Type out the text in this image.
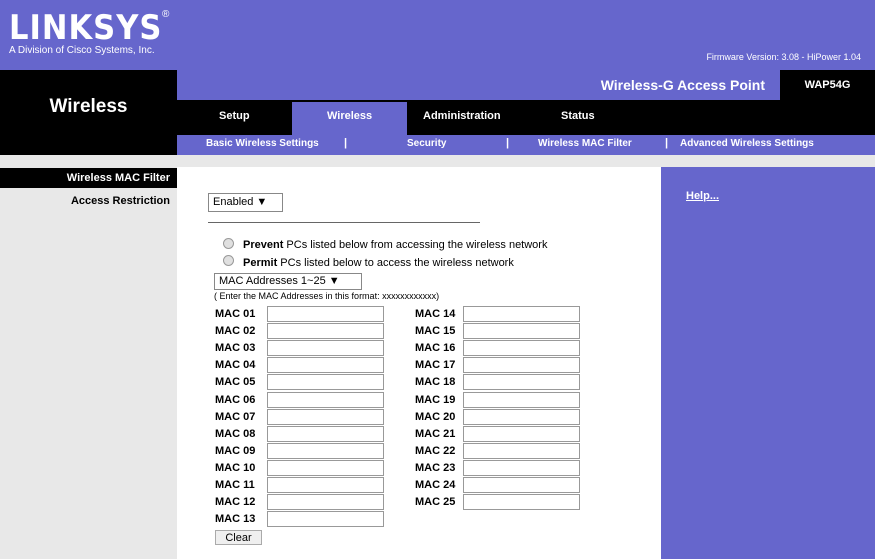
LINKSYS ®
A Division of Cisco Systems, Inc.
Firmware Version: 3.08 - HiPower 1.04
Wireless
Wireless-G Access Point	WAP54G
Setup	Wireless	Administration	Status
Basic Wireless Settings |	Security	|	Wireless MAC Filter	| Advanced Wireless Settings
Wireless MAC Filter
Access Restriction	Help...
Enabled ▼
Prevent PCs listed below from accessing the wireless network
Permit PCs listed below to access the wireless network
MAC Addresses 1~25 ▼
( Enter the MAC Addresses in this format: xxxxxxxxxxxx)
MAC 01
MAC 02
MAC 03
MAC 04
MAC 05
MAC 06
MAC 07
MAC 08
MAC 09
MAC 10
MAC 11
MAC 12
MAC 13
MAC 14
MAC 15
MAC 16
MAC 17
MAC 18
MAC 19
MAC 20
MAC 21
MAC 22
MAC 23
MAC 24
MAC 25
Clear
